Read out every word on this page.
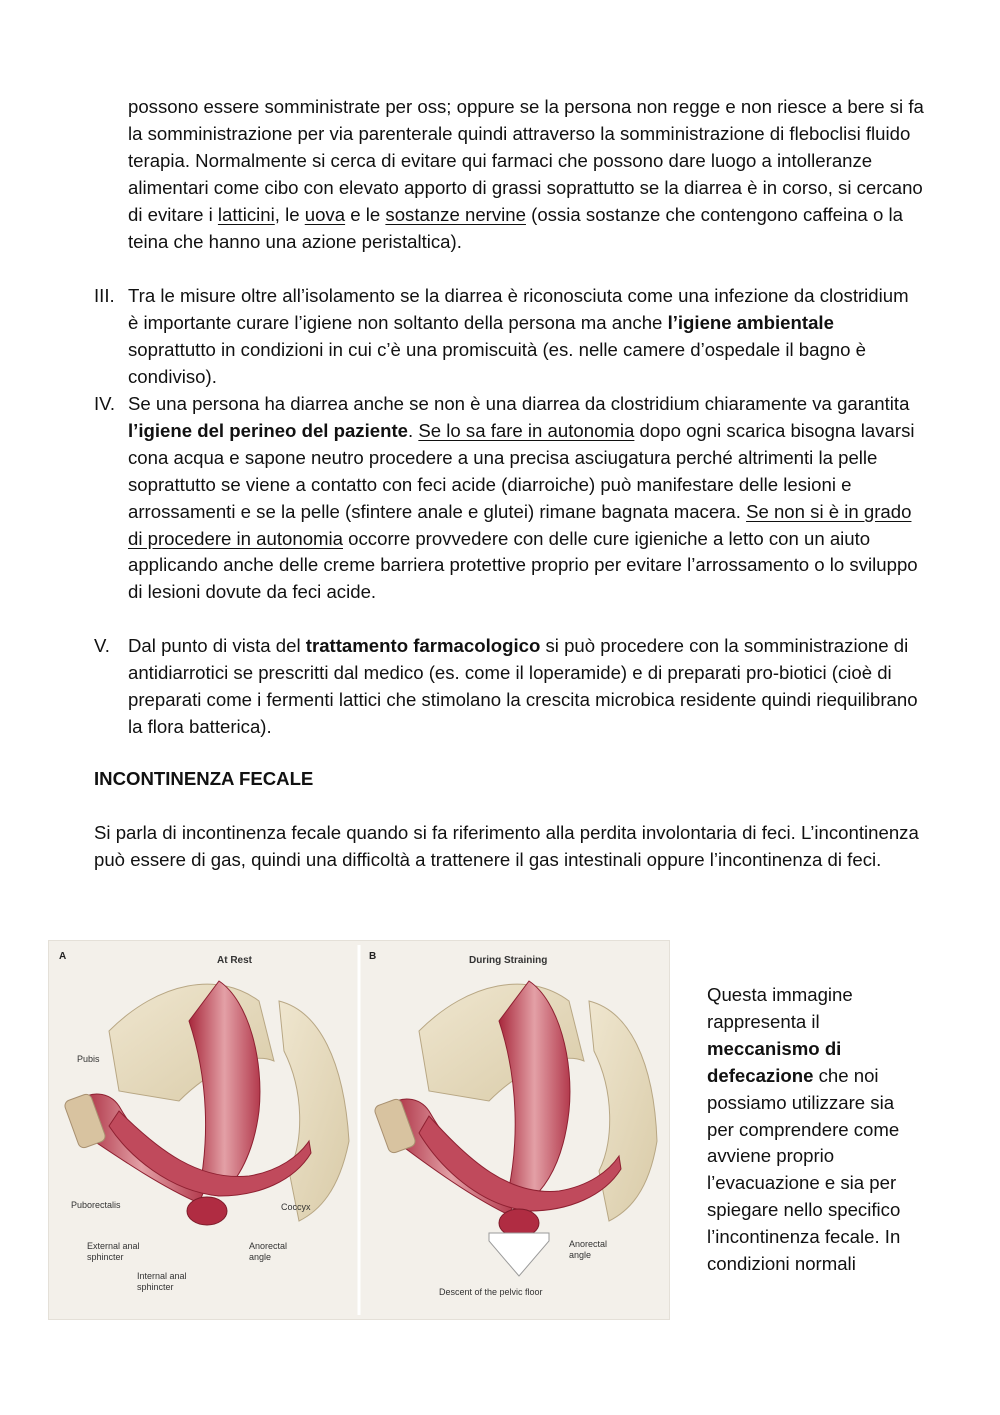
possono essere somministrate per oss; oppure se la persona non regge e non riesce a bere si fa la somministrazione per via parenterale quindi attraverso la somministrazione di fleboclisi fluido terapia. Normalmente si cerca di evitare qui farmaci che possono dare luogo a intolleranze alimentari come cibo con elevato apporto di grassi soprattutto se la diarrea è in corso, si cercano di evitare i latticini, le uova e le sostanze nervine (ossia sostanze che contengono caffeina o la teina che hanno una azione peristaltica).

III. Tra le misure oltre all’isolamento se la diarrea è riconosciuta come una infezione da clostridium è importante curare l’igiene non soltanto della persona ma anche l’igiene ambientale soprattutto in condizioni in cui c’è una promiscuità (es. nelle camere d’ospedale il bagno è condiviso).
IV. Se una persona ha diarrea anche se non è una diarrea da clostridium chiaramente va garantita l’igiene del perineo del paziente. Se lo sa fare in autonomia dopo ogni scarica bisogna lavarsi cona acqua e sapone neutro procedere a una precisa asciugatura perché altrimenti la pelle soprattutto se viene a contatto con feci acide (diarroiche) può manifestare delle lesioni e arrossamenti e se la pelle (sfintere anale e glutei) rimane bagnata macera. Se non si è in grado di procedere in autonomia occorre provvedere con delle cure igieniche a letto con un aiuto applicando anche delle creme barriera protettive proprio per evitare l’arrossamento o lo sviluppo di lesioni dovute da feci acide.
V. Dal punto di vista del trattamento farmacologico si può procedere con la somministrazione di antidiarrotici se prescritti dal medico (es. come il loperamide) e di preparati pro-biotici (cioè di preparati come i fermenti lattici che stimolano la crescita microbica residente quindi riequilibrano la flora batterica).
INCONTINENZA FECALE

Si parla di incontinenza fecale quando si fa riferimento alla perdita involontaria di feci. L’incontinenza può essere di gas, quindi una difficoltà a trattenere il gas intestinali oppure l’incontinenza di feci.

A	At Rest	B	During Straining
Pubis
Puborectalis	Coccyx
External anal sphincter
Internal anal sphincter
Anorectal angle
Anorectal angle
Descent of the pelvic floor

Questa immagine rappresenta il meccanismo di defecazione che noi possiamo utilizzare sia per comprendere come avviene proprio l’evacuazione e sia per spiegare nello specifico l’incontinenza fecale. In condizioni normali
